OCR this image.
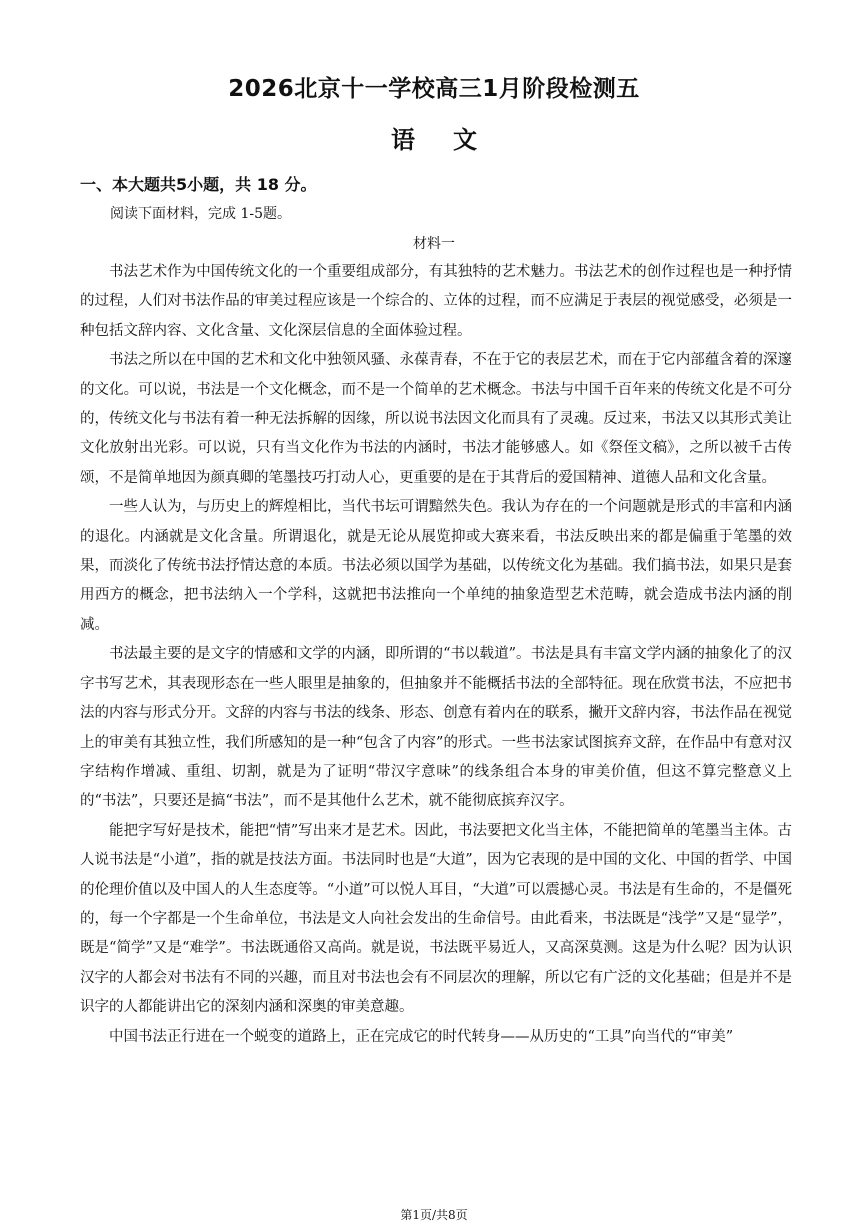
2026北京十一学校高三1月阶段检测五
语文
一、本大题共5小题，共 18 分。
阅读下面材料，完成 1-5题。
材料一

书法艺术作为中国传统文化的一个重要组成部分，有其独特的艺术魅力。书法艺术的创作过程也是一种抒情的过程，人们对书法作品的审美过程应该是一个综合的、立体的过程，而不应满足于表层的视觉感受，必须是一种包括文辞内容、文化含量、文化深层信息的全面体验过程。

书法之所以在中国的艺术和文化中独领风骚、永葆青春，不在于它的表层艺术，而在于它内部蕴含着的深邃的文化。可以说，书法是一个文化概念，而不是一个简单的艺术概念。书法与中国千百年来的传统文化是不可分的，传统文化与书法有着一种无法拆解的因缘，所以说书法因文化而具有了灵魂。反过来，书法又以其形式美让文化放射出光彩。可以说，只有当文化作为书法的内涵时，书法才能够感人。如《祭侄文稿》，之所以被千古传颂，不是简单地因为颜真卿的笔墨技巧打动人心，更重要的是在于其背后的爱国精神、道德人品和文化含量。

一些人认为，与历史上的辉煌相比，当代书坛可谓黯然失色。我认为存在的一个问题就是形式的丰富和内涵的退化。内涵就是文化含量。所谓退化，就是无论从展览抑或大赛来看，书法反映出来的都是偏重于笔墨的效果，而淡化了传统书法抒情达意的本质。书法必须以国学为基础，以传统文化为基础。我们搞书法，如果只是套用西方的概念，把书法纳入一个学科，这就把书法推向一个单纯的抽象造型艺术范畴，就会造成书法内涵的削减。

书法最主要的是文字的情感和文学的内涵，即所谓的“书以载道”。书法是具有丰富文学内涵的抽象化了的汉字书写艺术，其表现形态在一些人眼里是抽象的，但抽象并不能概括书法的全部特征。现在欣赏书法，不应把书法的内容与形式分开。文辞的内容与书法的线条、形态、创意有着内在的联系，撇开文辞内容，书法作品在视觉上的审美有其独立性，我们所感知的是一种“包含了内容”的形式。一些书法家试图摈弃文辞，在作品中有意对汉字结构作增减、重组、切割，就是为了证明“带汉字意味”的线条组合本身的审美价值，但这不算完整意义上的“书法”，只要还是搞“书法”，而不是其他什么艺术，就不能彻底摈弃汉字。

能把字写好是技术，能把“情”写出来才是艺术。因此，书法要把文化当主体，不能把简单的笔墨当主体。古人说书法是“小道”，指的就是技法方面。书法同时也是“大道”，因为它表现的是中国的文化、中国的哲学、中国的伦理价值以及中国人的人生态度等。“小道”可以悦人耳目，“大道”可以震撼心灵。书法是有生命的，不是僵死的，每一个字都是一个生命单位，书法是文人向社会发出的生命信号。由此看来，书法既是“浅学”又是“显学”，既是“简学”又是“难学”。书法既通俗又高尚。就是说，书法既平易近人，又高深莫测。这是为什么呢？因为认识汉字的人都会对书法有不同的兴趣，而且对书法也会有不同层次的理解，所以它有广泛的文化基础；但是并不是识字的人都能讲出它的深刻内涵和深奥的审美意趣。

中国书法正行进在一个蜕变的道路上，正在完成它的时代转身——从历史的“工具”向当代的“审美”

第1页/共8页
